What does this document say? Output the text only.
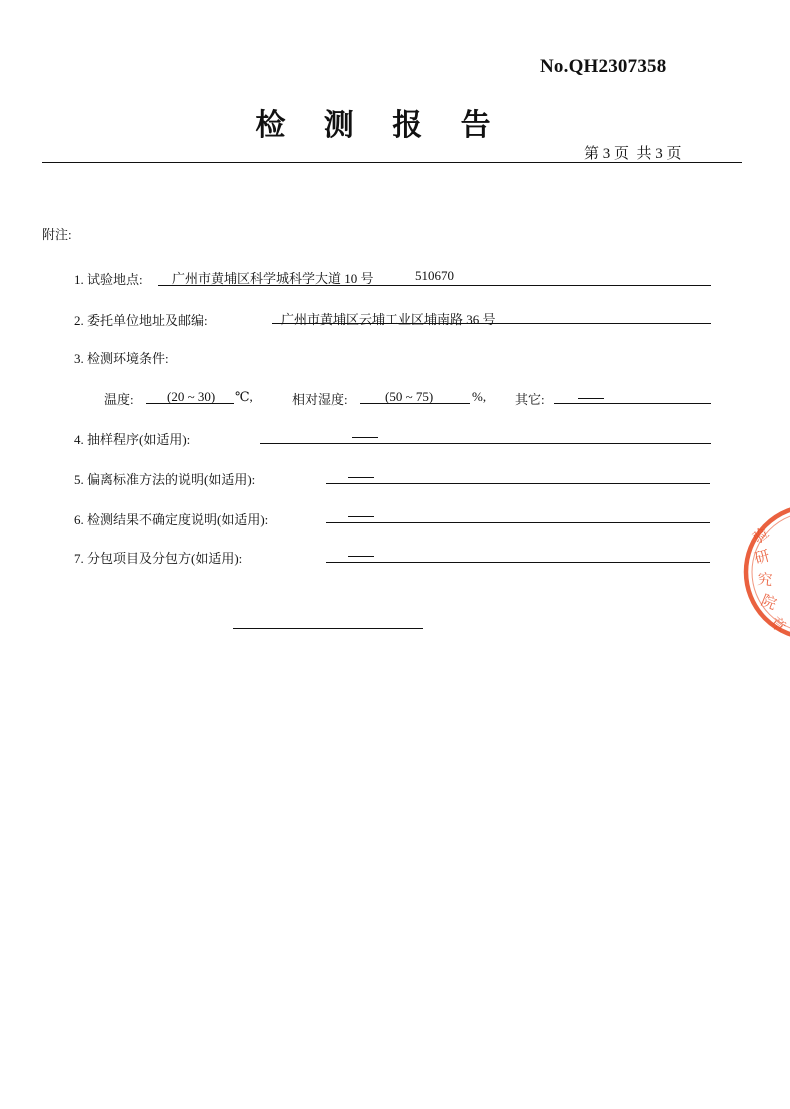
No.QH2307358
检 测 报 告
第 3 页  共 3 页
附注:
1. 试验地点: 广州市黄埔区科学城科学大道 10 号	510670
2. 委托单位地址及邮编:	广州市黄埔区云埔工业区埔南路 36 号
3. 检测环境条件:
温度:	(20 ~ 30) ℃,	相对湿度:	(50 ~ 75)	%, 其它:
4. 抽样程序(如适用):
5. 偏离标准方法的说明(如适用):
6. 检测结果不确定度说明(如适用):
7. 分包项目及分包方(如适用):
验
研
究
院
章
